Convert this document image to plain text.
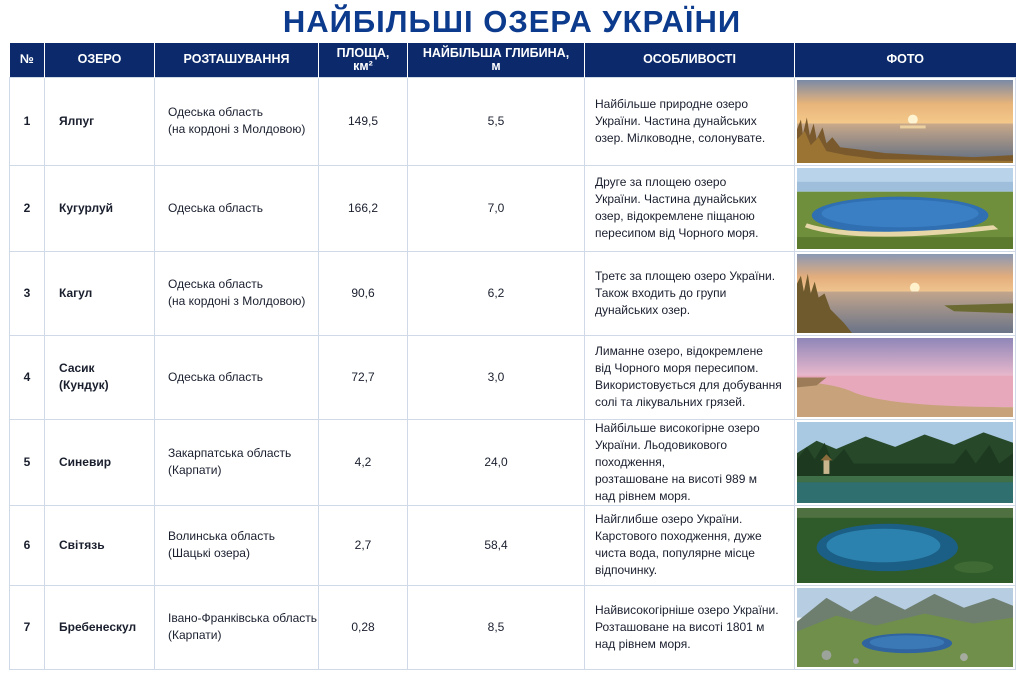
НАЙБІЛЬШІ ОЗЕРА УКРАЇНИ
№	ОЗЕРО	РОЗТАШУВАННЯ	ПЛОЩА,
км²	НАЙБІЛЬША ГЛИБИНА,
м	ОСОБЛИВОСТІ	ФОТО
1	Ялпуг	Одеська область
(на кордоні з Молдовою)	149,5	5,5	Найбільше природне озеро
України. Частина дунайських
озер. Мілководне, солонувате.	

2	Кугурлуй	Одеська область	166,2	7,0	Друге за площею озеро
України. Частина дунайських
озер, відокремлене піщаною
пересипом від Чорного моря.	

3	Кагул	Одеська область
(на кордоні з Молдовою)	90,6	6,2	Третє за площею озеро України.
Також входить до групи
дунайських озер.	

4	Сасик
(Кундук)	Одеська область	72,7	3,0	Лиманне озеро, відокремлене
від Чорного моря пересипом.
Використовується для добування
солі та лікувальних грязей.	

5	Синевир	Закарпатська область
(Карпати)	4,2	24,0	Найбільше високогірне озеро
України. Льодовикового походження,
розташоване на висоті 989 м
над рівнем моря.	

6	Світязь	Волинська область
(Шацькі озера)	2,7	58,4	Найглибше озеро України.
Карстового походження, дуже
чиста вода, популярне місце
відпочинку.	

7	Бребенескул	Івано-Франківська область
(Карпати)	0,28	8,5	Найвисокогірніше озеро України.
Розташоване на висоті 1801 м
над рівнем моря.	
